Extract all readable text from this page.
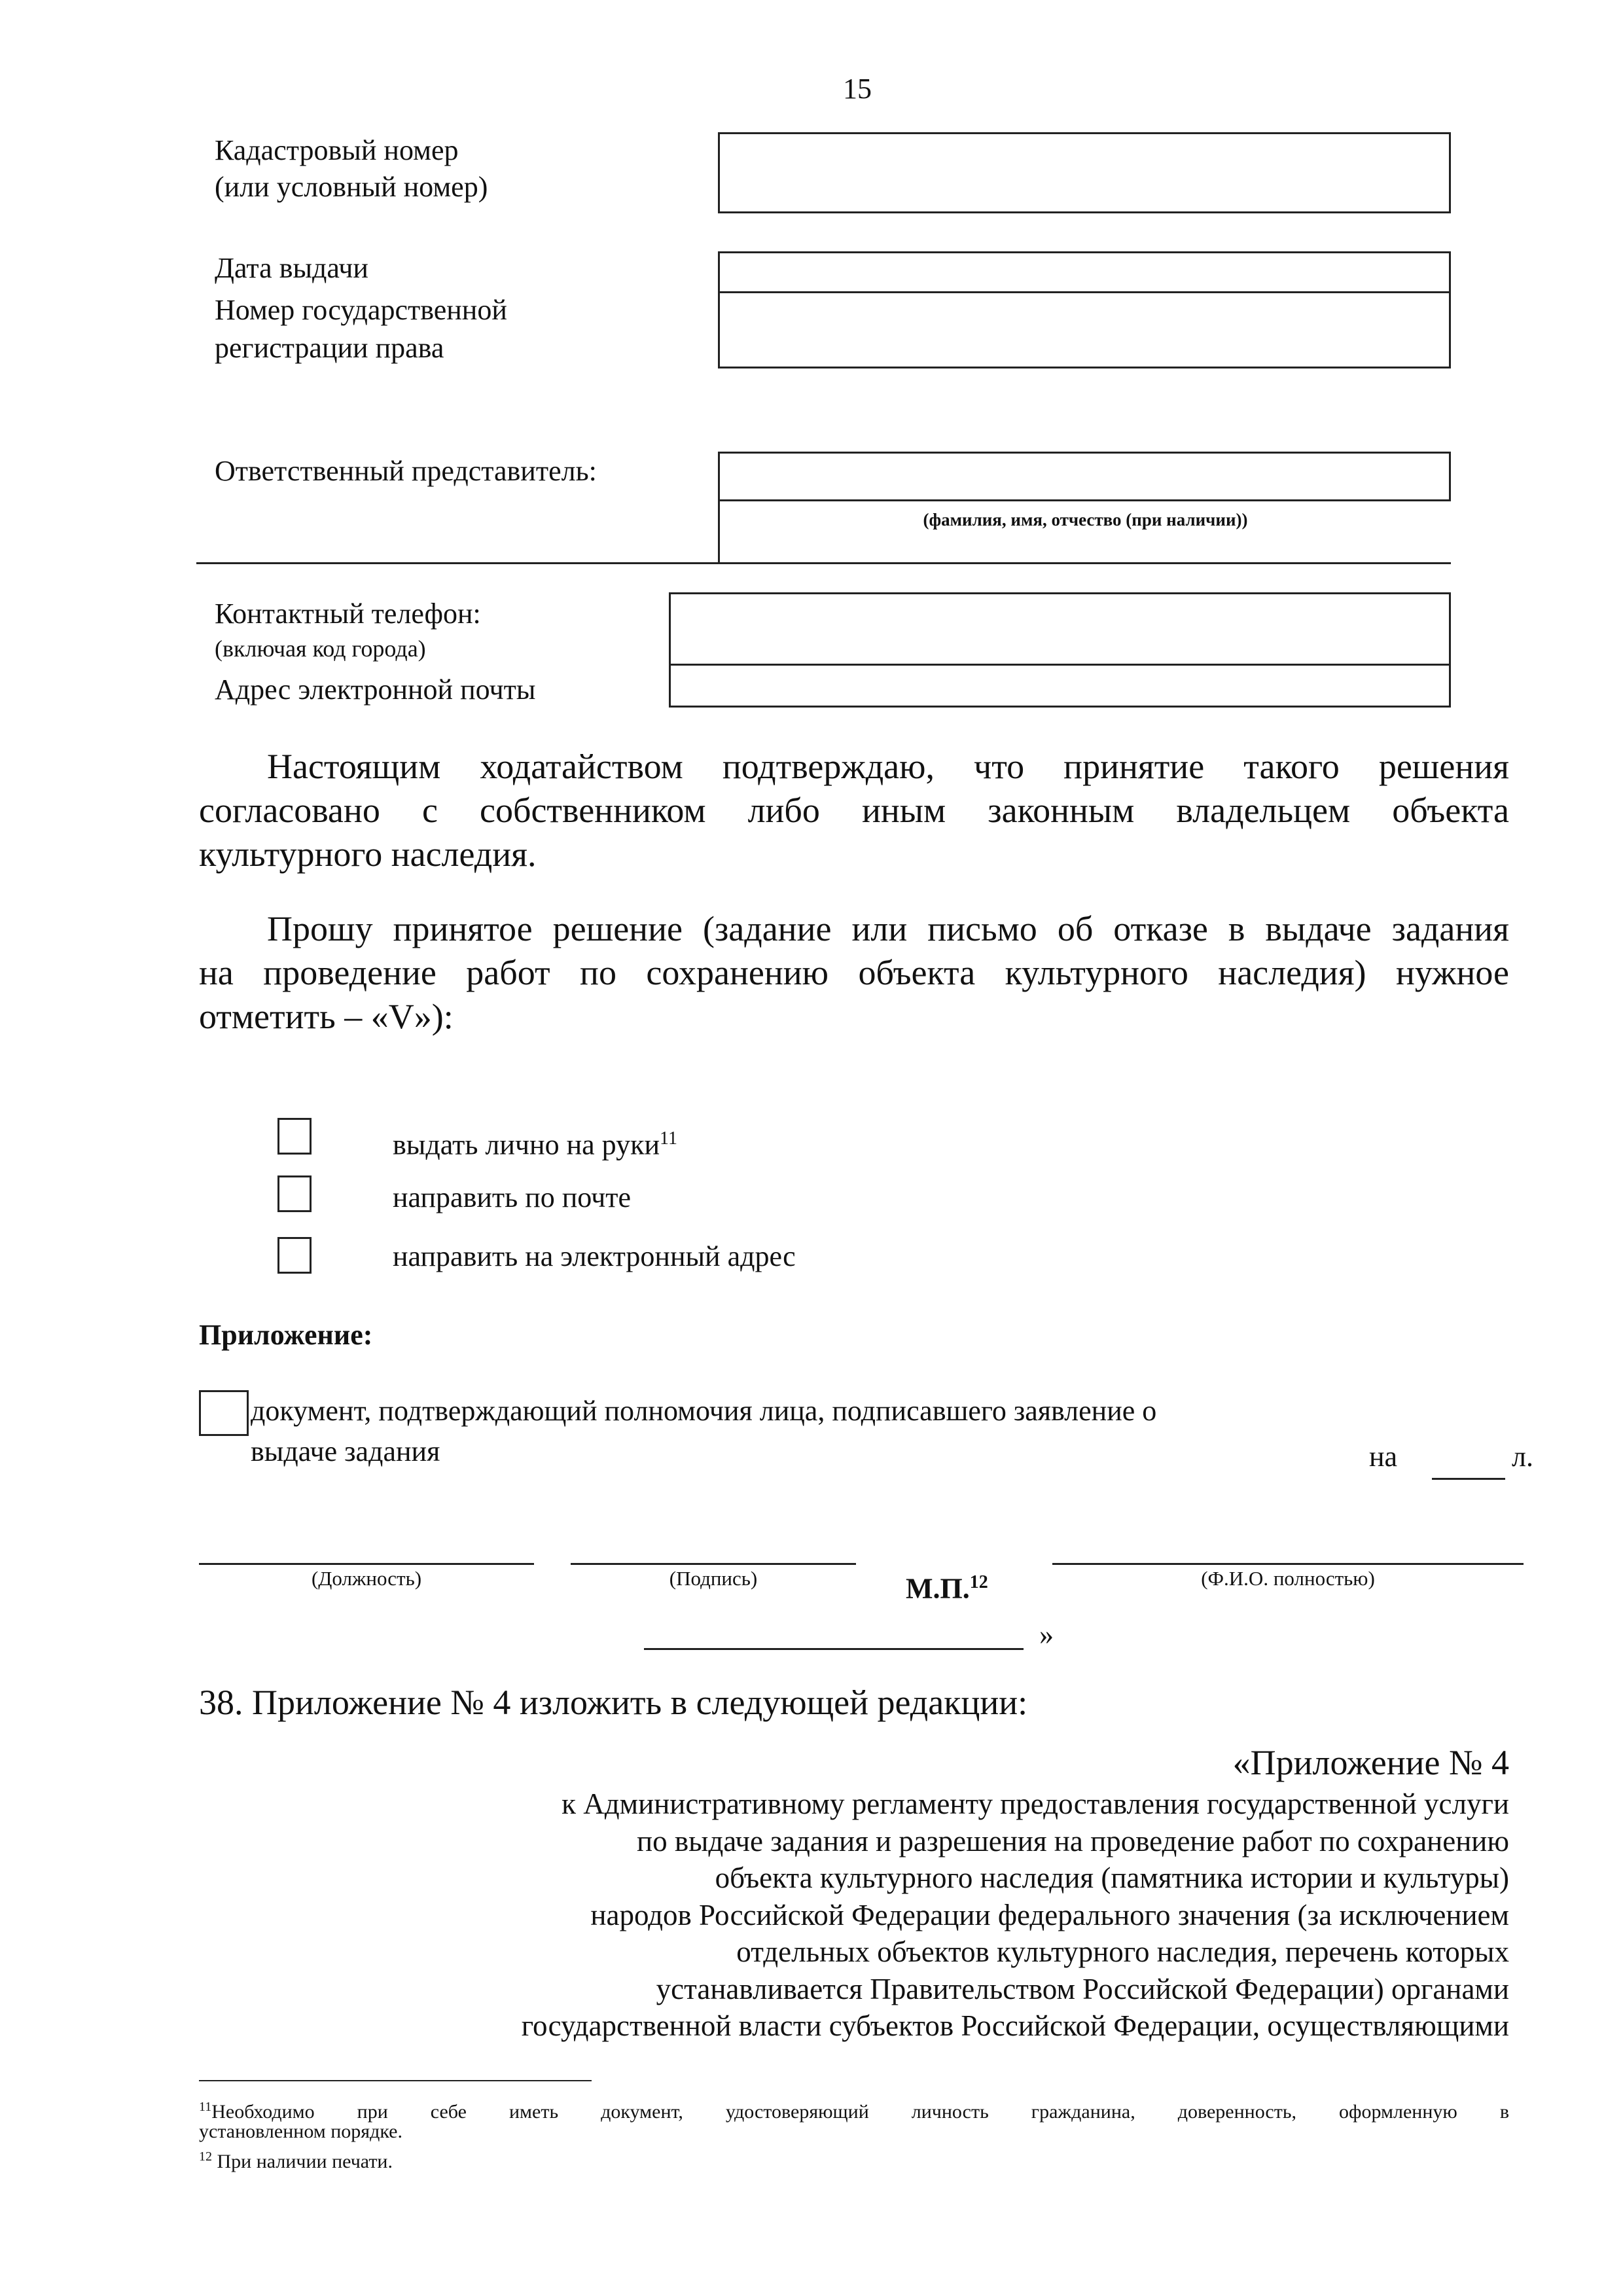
15
Кадастровый номер
(или условный номер)
Дата выдачи
Номер государственной
регистрации права
Ответственный представитель:
(фамилия, имя, отчество (при наличии))
Контактный телефон:
(включая код города)
Адрес электронной почты
Настоящим ходатайством подтверждаю, что принятие такого решения
согласовано с собственником либо иным законным владельцем объекта
культурного наследия.
Прошу принятое решение (задание или письмо об отказе в выдаче задания
на проведение работ по сохранению объекта культурного наследия) нужное
отметить – «V»):
выдать лично на руки$^{11}$
направить по почте
направить на электронный адрес
Приложение:
документ, подтверждающий полномочия лица, подписавшего заявление о
выдаче задания	на	л.
(Должность)	(Подпись)	М.П.$^{12}$	(Ф.И.О. полностью)
»
38. Приложение № 4 изложить в следующей редакции:
«Приложение № 4
к Административному регламенту предоставления государственной услуги
по выдаче задания и разрешения на проведение работ по сохранению
объекта культурного наследия (памятника истории и культуры)
народов Российской Федерации федерального значения (за исключением
отдельных объектов культурного наследия, перечень которых
устанавливается Правительством Российской Федерации) органами
государственной власти субъектов Российской Федерации, осуществляющими
$^{11}$Необходимо при себе иметь документ, удостоверяющий личность гражданина, доверенность, оформленную в
установленном порядке.
$^{12}$ При наличии печати.
